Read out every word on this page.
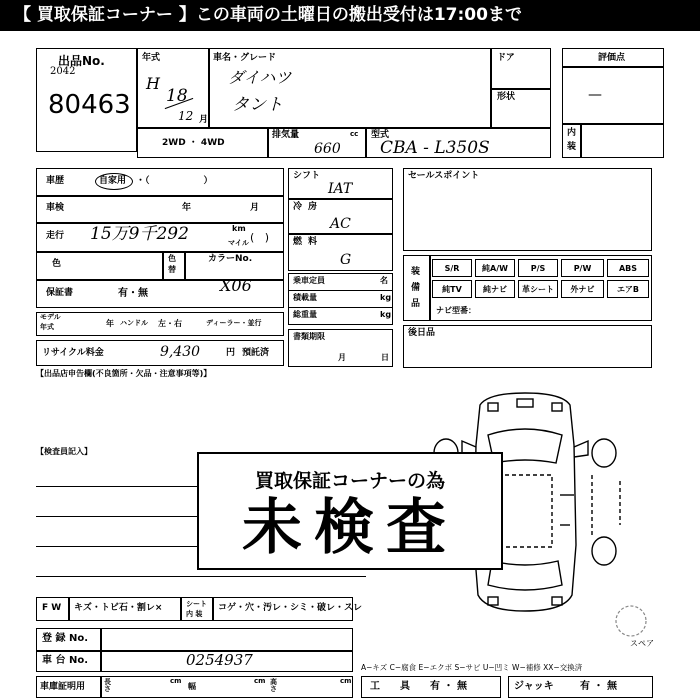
【 買取保証コーナー 】この車両の土曜日の搬出受付は17:00まで
出品No.
2042
80463
年式
H
18
12 月
車名・グレード
ダイハツ
タント
ドア
形状
評価点
—
内
装
2WD ・ 4WD
排気量	cc
660
型式
CBA - L350S
車歴	自家用 ・（　　　　　　）
車検	年	月
走行 15万9千292	km
マイル (   )
色
色替
カラーNo.
X06
保証書	有・無
モデル
年式	年 ハンドル 左・右	ディーラー・並行
リサイクル料金	9,430	円 預託済
【出品店申告欄(不良箇所・欠品・注意事項等)】
【検査員記入】
シフト
IAT
冷房
AC
燃料
G
乗車定員	名
積載量	kg
総重量	kg
書類期限
月	日
セールスポイント
装
備
品
S/R	純A/W	P/S	P/W	ABS
純TV	純ナビ	革シート	外ナビ	エアB
ナビ型番：
後日品
スペア
買取保証コーナーの為
未検査
F W キズ・トビ石・割レ×	シート
内 装
コゲ・穴・汚レ・シミ・破レ・スレ
登 録 No.
車 台 No.	0254937
車庫証明用	長さ
cm
幅
cm 高さ
cm
A−キズ C−腐食 E−エクボ S−サビ U−凹ミ W−補修 XX−交換済
工　　具 有 ・ 無	ジャッキ	有 ・ 無
